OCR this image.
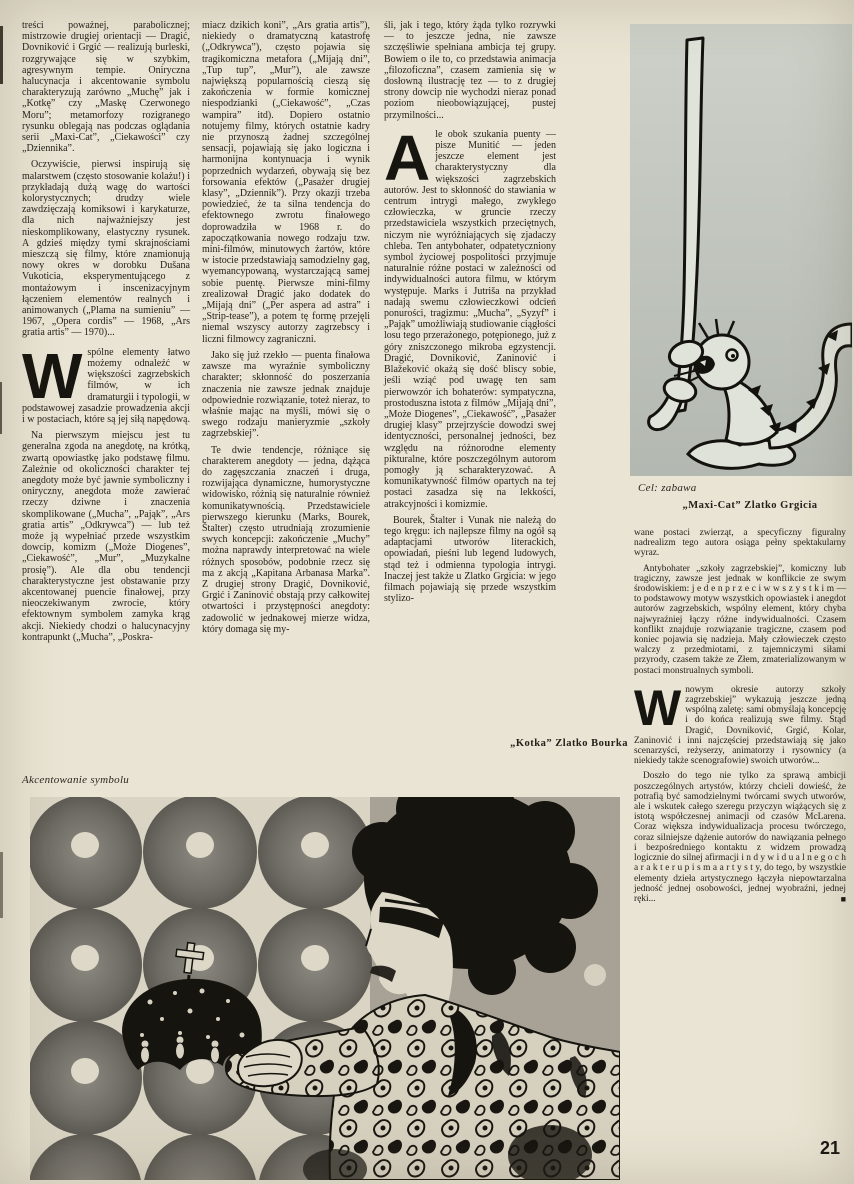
treści poważnej, parabolicznej; mistrzowie drugiej orientacji — Dragić, Dovniković i Grgić — realizują burleski, rozgrywające się w szybkim, agresywnym tempie. Oniryczna halucynacja i akcentowanie symbolu charakteryzują zarówno „Muchę” jak i „Kotkę” czy „Maskę Czerwonego Moru”; metamorfozy rozigranego rysunku oblegają nas podczas oglądania serii „Maxi-Cat”, „Ciekawości” czy „Dziennika”.

Oczywiście, pierwsi inspirują się malarstwem (często stosowanie kolażu!) i przykładają dużą wagę do wartości kolorystycznych; drudzy wiele zawdzięczają komiksowi i karykaturze, dla nich najważniejszy jest nieskomplikowany, elastyczny rysunek. A gdzieś między tymi skrajnościami mieszczą się filmy, które znamionują nowy okres w dorobku Dušana Vukoticia, eksperymentującego z montażowym i inscenizacyjnym łączeniem elementów realnych i animowanych („Plama na sumieniu” — 1967, „Opera cordis” — 1968, „Ars gratia artis” — 1970)...

Wspólne elementy łatwo możemy odnaleźć w większości zagrzebskich filmów, w ich dramaturgii i typologii, w podstawowej zasadzie prowadzenia akcji i w postaciach, które są jej siłą napędową.

Na pierwszym miejscu jest tu generalna zgoda na anegdotę, na krótką, zwartą opowiastkę jako podstawę filmu. Zależnie od okoliczności charakter tej anegdoty może być jawnie symboliczny i oniryczny, anegdota może zawierać rzeczy dziwne i znaczenia skomplikowane („Mucha”, „Pająk”, „Ars gratia artis” „Odkrywca”) — lub też może ją wypełniać przede wszystkim dowcip, komizm („Może Diogenes”, „Ciekawość”, „Mur”, „Muzykalne prosię”). Ale dla obu tendencji charakterystyczne jest obstawanie przy akcentowanej puencie finałowej, przy nieoczekiwanym zwrocie, który efektownym symbolem zamyka krąg akcji. Niekiedy chodzi o halucynacyjny kontrapunkt („Mucha”, „Poskra-

Akcentowanie symbolu

miacz dzikich koni”, „Ars gratia artis”), niekiedy o dramatyczną katastrofę („Odkrywca”), często pojawia się tragikomiczna metafora („Mijają dni”, „Tup tup”, „Mur”), ale zawsze największą popularnością cieszą się zakończenia w formie komicznej niespodzianki („Ciekawość”, „Czas wampira” itd). Dopiero ostatnio notujemy filmy, których ostatnie kadry nie przynoszą żadnej szczególnej sensacji, pojawiają się jako logiczna i harmonijna kontynuacja i wynik poprzednich wydarzeń, obywają się bez forsowania efektów („Pasażer drugiej klasy”, „Dziennik”). Przy okazji trzeba powiedzieć, że ta silna tendencja do efektownego zwrotu finałowego doprowadziła w 1968 r. do zapoczątkowania nowego rodzaju tzw. mini-filmów, minutowych żartów, które w istocie przedstawiają samodzielny gag, wyemancypowaną, wystarczającą samej sobie puentę. Pierwsze mini-filmy zrealizował Dragić jako dodatek do „Mijają dni” („Per aspera ad astra” i „Strip-tease”), a potem tę formę przejęli niemal wszyscy autorzy zagrzebscy i liczni filmowcy zagraniczni.

Jako się już rzekło — puenta finałowa zawsze ma wyraźnie symboliczny charakter; skłonność do poszerzania znaczenia nie zawsze jednak znajduje odpowiednie rozwiązanie, toteż nieraz, to właśnie mając na myśli, mówi się o swego rodzaju manieryzmie „szkoły zagrzebskiej”.

Te dwie tendencje, różniące się charakterem anegdoty — jedna, dążąca do zagęszczania znaczeń i druga, rozwijająca dynamiczne, humorystyczne widowisko, różnią się naturalnie również komunikatywnością. Przedstawiciele pierwszego kierunku (Marks, Bourek, Štalter) często utrudniają zrozumienie swych koncepcji: zakończenie „Muchy” można naprawdy interpretować na wiele różnych sposobów, podobnie rzecz się ma z akcją „Kapitana Arbanasa Marka”. Z drugiej strony Dragić, Dovniković, Grgić i Zaninović obstają przy całkowitej otwartości i przystępności anegdoty: zadowolić w jednakowej mierze widza, który domaga się my-

śli, jak i tego, który żąda tylko rozrywki — to jeszcze jedna, nie zawsze szczęśliwie spełniana ambicja tej grupy. Bowiem o ile to, co przedstawia animacja „filozoficzna”, czasem zamienia się w dosłowną ilustrację tez — to z drugiej strony dowcip nie wychodzi nieraz ponad poziom nieobowiązującej, pustej przymilności...

Ale obok szukania puenty — pisze Munitić — jeden jeszcze element jest charakterystyczny dla większości zagrzebskich autorów. Jest to skłonność do stawiania w centrum intrygi małego, zwykłego człowieczka, w gruncie rzeczy przedstawiciela wszystkich przeciętnych, niczym nie wyróżniających się zjadaczy chleba. Ten antybohater, odpatetyczniony symbol życiowej pospolitości przyjmuje naturalnie różne postaci w zależności od indywidualności autora filmu, w którym występuje. Marks i Jutriša na przykład nadają swemu człowieczkowi odcień ponurości, tragizmu: „Mucha”, „Syzyf” i „Pająk” umożliwiają studiowanie ciągłości losu tego przerażonego, potępionego, już z góry zniszczonego mikroba egzystencji. Dragić, Dovniković, Zaninović i Blažeković okażą się dość bliscy sobie, jeśli wziąć pod uwagę ten sam pierwowzór ich bohaterów: sympatyczna, prostoduszna istota z filmów „Mijają dni”, „Może Diogenes”, „Ciekawość”, „Pasażer drugiej klasy” przejrzyście dowodzi swej identyczności, personalnej jedności, bez względu na różnorodne elementy pikturalne, które poszczególnym autorom pomogły ją scharakteryzować. A komunikatywność filmów opartych na tej postaci zasadza się na lekkości, atrakcyjności i komizmie.

Bourek, Štalter i Vunak nie należą do tego kręgu: ich najlepsze filmy na ogół są adaptacjami utworów literackich, opowiadań, pieśni lub legend ludowych, stąd też i odmienna typologia intrygi. Inaczej jest także u Zlatko Grgicia: w jego filmach pojawiają się przede wszystkim stylizo-

„Kotka” Zlatko Bourka
Cel: zabawa
„Maxi-Cat” Zlatko Grgicia

wane postaci zwierząt, a specyficzny figuralny nadrealizm tego autora osiąga pełny spektakularny wyraz.

Antybohater „szkoły zagrzebskiej”, komiczny lub tragiczny, zawsze jest jednak w konflikcie ze swym środowiskiem: j e d e n p r z e c i w w s z y s t k i m — to podstawowy motyw wszystkich opowiastek i anegdot autorów zagrzebskich, wspólny element, który chyba najwyraźniej łączy różne indywidualności. Czasem konflikt znajduje rozwiązanie tragiczne, czasem pod koniec pojawia się nadzieja. Mały człowieczek często walczy z przedmiotami, z tajemniczymi siłami przyrody, czasem także ze Złem, zmaterializowanym w postaci monstrualnych symboli.

Wnowym okresie autorzy szkoły zagrzebskiej” wykazują jeszcze jedną wspólną zaletę: sami obmyślają koncepcję i do końca realizują swe filmy. Stąd Dragić, Dovniković, Grgić, Kolar, Zaninović i inni najczęściej przedstawiają się jako scenarzyści, reżyserzy, animatorzy i rysownicy (a niekiedy także scenografowie) swoich utworów...

Doszło do tego nie tylko za sprawą ambicji poszczególnych artystów, którzy chcieli dowieść, że potrafią być samodzielnymi twórcami swych utworów, ale i wskutek całego szeregu przyczyn wiążących się z istotą współczesnej animacji od czasów McLarena. Coraz większa indywidualizacja procesu twórczego, coraz silniejsze dążenie autorów do nawiązania pełnego i bezpośredniego kontaktu z widzem prowadzą logicznie do silnej afirmacji i n d y w i d u a l n e g o c h a r a k t e r u p i s m a a r t y s t y, do tego, by wszystkie elementy dzieła artystycznego łączyła niepowtarzalna jedność jednej osobowości, jednej wyobraźni, jednej ręki...	■

21
